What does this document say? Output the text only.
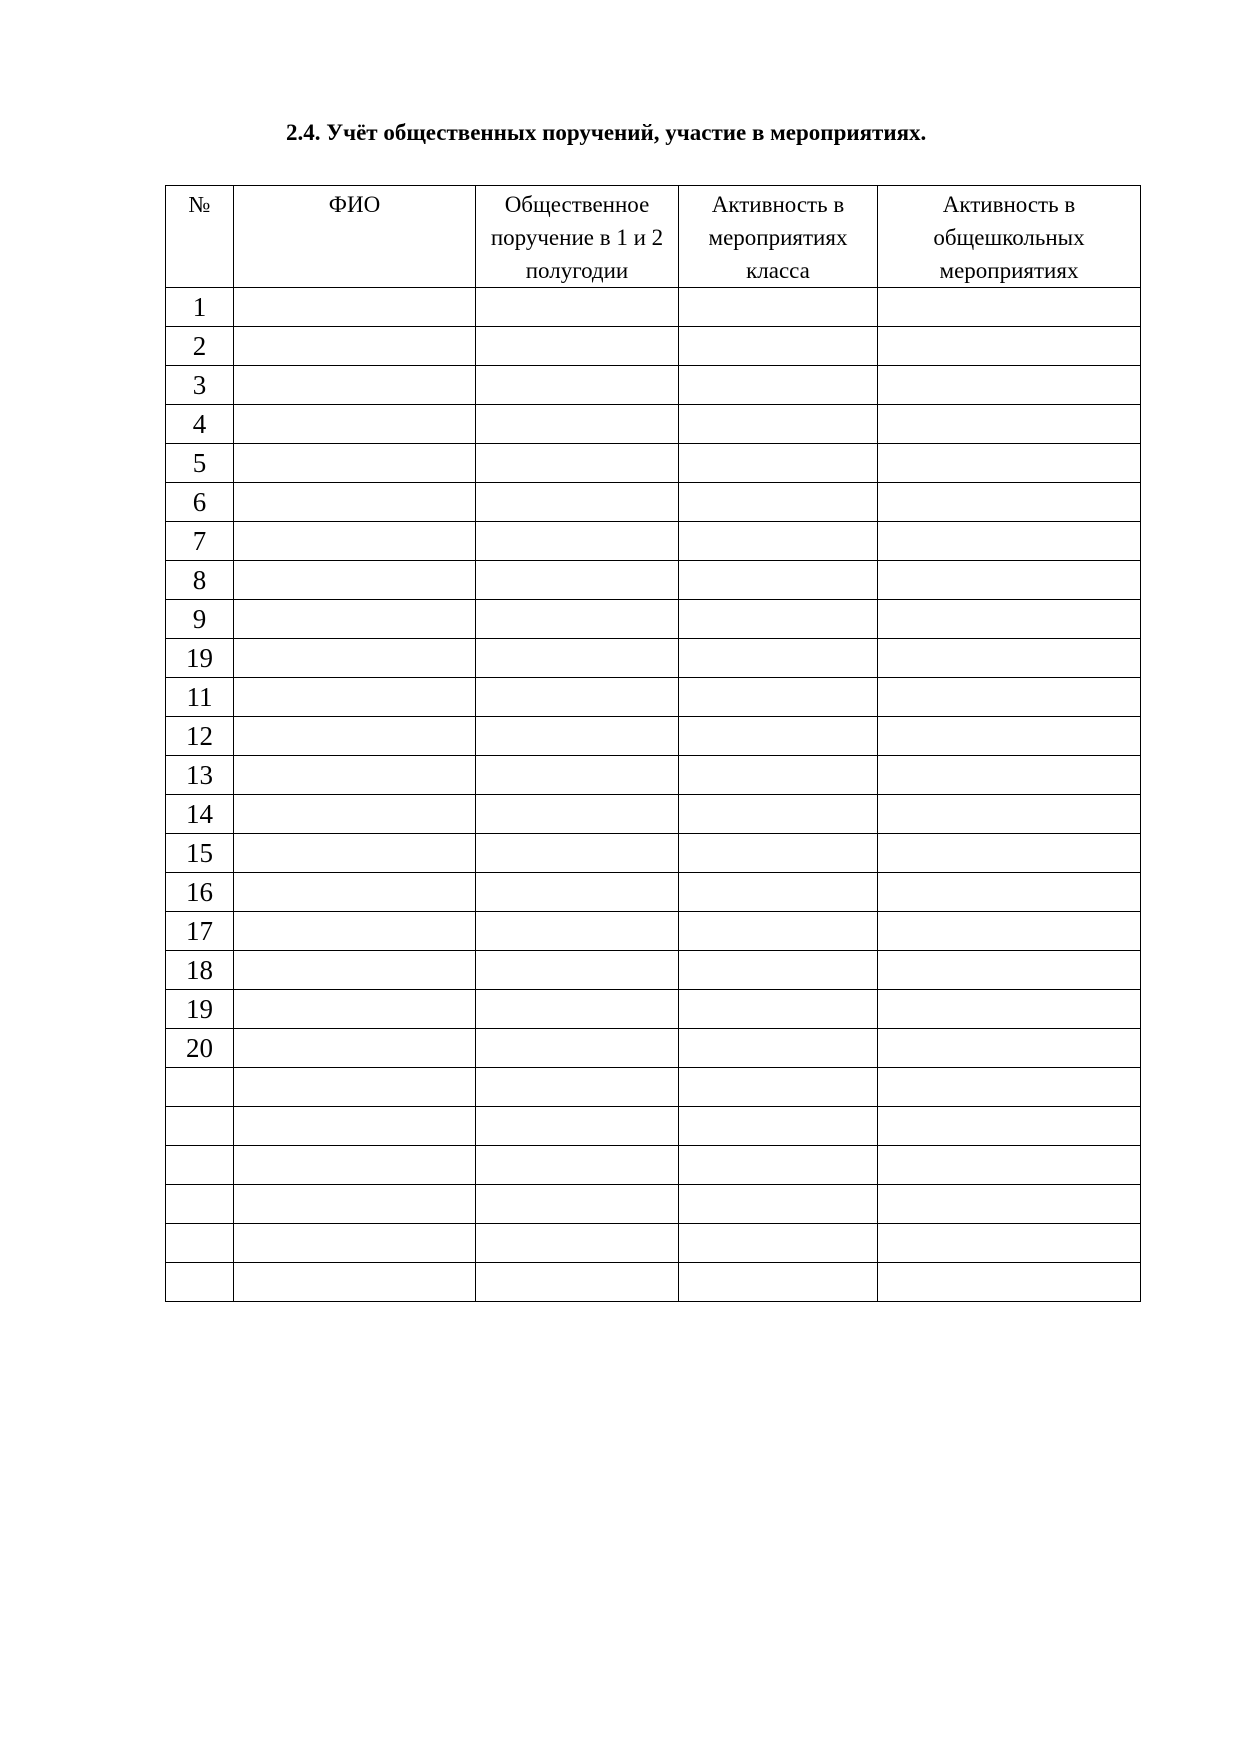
2.4. Учёт общественных поручений, участие в мероприятиях.
№	ФИО	Общественное поручение в 1 и 2 полугодии	Активность в мероприятиях класса	Активность в общешкольных мероприятиях
1				
2				
3				
4				
5				
6				
7				
8				
9				
19				
11				
12				
13				
14				
15				
16				
17				
18				
19				
20				
